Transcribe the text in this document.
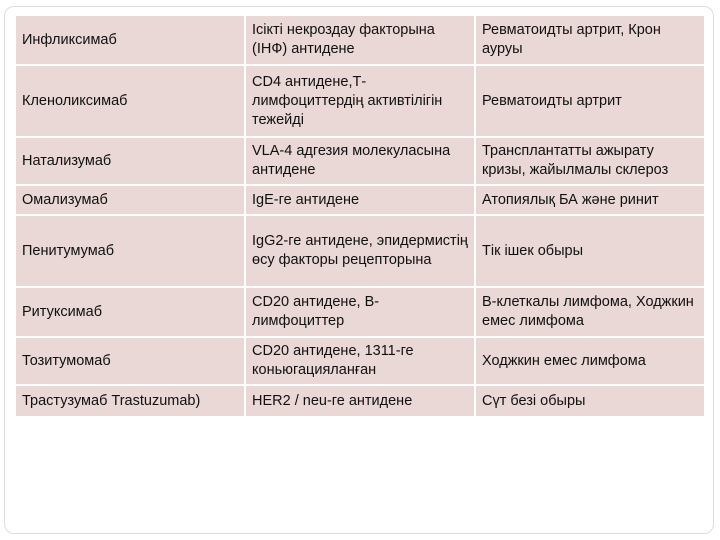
Инфликсимаб	Ісікті некроздау факторына (ІНФ) антидене	Ревматоидты артрит, Крон ауруы
Кленоликсимаб	CD4 антидене,Т-лимфоциттердің активтілігін тежейді	Ревматоидты артрит
Натализумаб	VLA-4 адгезия молекуласына антидене	Трансплантатты ажырату кризы, жайылмалы склероз
Омализумаб	IgE-ге антидене	Атопиялық БА және ринит
Пенитумумаб	IgG2-ге антидене, эпидермистің өсу факторы рецепторына	Тік ішек обыры
Ритуксимаб	CD20 антидене, В-лимфоциттер	В-клеткалы лимфома, Ходжкин емес лимфома
Тозитумомаб	CD20 антидене, 1311-ге коньюгацияланған	Ходжкин емес лимфома
Трастузумаб Trastuzumab)	HER2 / neu-ге антидене	Сүт безі обыры
